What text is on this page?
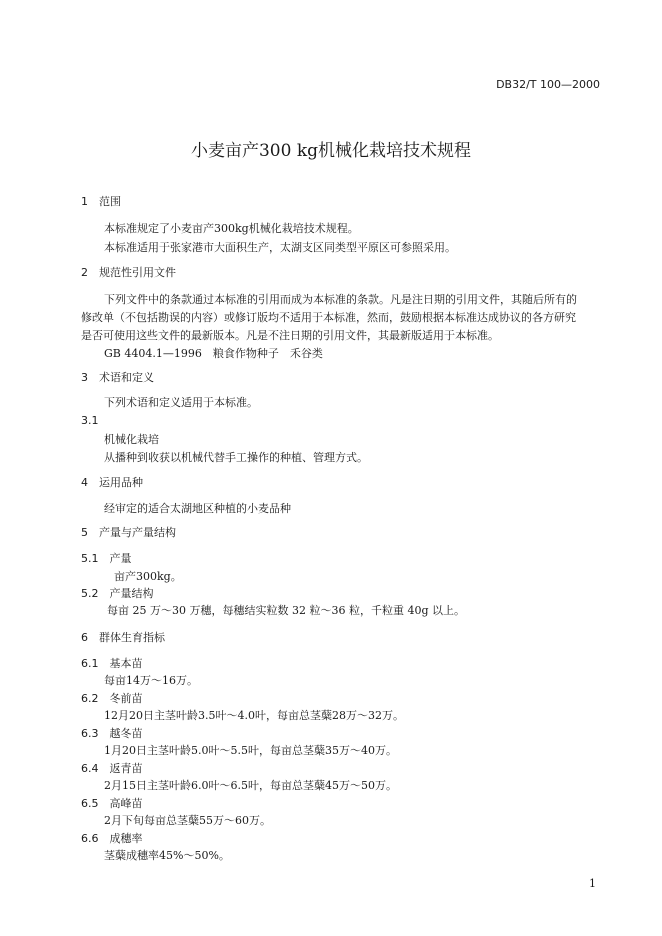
DB32/T 100—2000
小麦亩产300 kg机械化栽培技术规程
1　范围
本标准规定了小麦亩产300kg机械化栽培技术规程。
本标准适用于张家港市大面积生产，太湖支区同类型平原区可参照采用。
2　规范性引用文件
下列文件中的条款通过本标准的引用而成为本标准的条款。凡是注日期的引用文件，其随后所有的
修改单（不包括勘误的内容）或修订版均不适用于本标准，然而，鼓励根据本标准达成协议的各方研究
是否可使用这些文件的最新版本。凡是不注日期的引用文件，其最新版适用于本标准。
GB 4404.1—1996　粮食作物种子　禾谷类
3　术语和定义
下列术语和定义适用于本标准。
3.1
机械化栽培
从播种到收获以机械代替手工操作的种植、管理方式。
4　运用品种
经审定的适合太湖地区种植的小麦品种
5　产量与产量结构
5.1　产量
亩产300kg。
5.2　产量结构
每亩 25 万～30 万穗，每穗结实粒数 32 粒～36 粒，千粒重 40g 以上。
6　群体生育指标
6.1　基本苗
每亩14万～16万。
6.2　冬前苗
12月20日主茎叶龄3.5叶～4.0叶，每亩总茎蘖28万～32万。
6.3　越冬苗
1月20日主茎叶龄5.0叶～5.5叶，每亩总茎蘖35万～40万。
6.4　返青苗
2月15日主茎叶龄6.0叶～6.5叶，每亩总茎蘖45万～50万。
6.5　高峰苗
2月下旬每亩总茎蘖55万～60万。
6.6　成穗率
茎蘖成穗率45%～50%。
1
